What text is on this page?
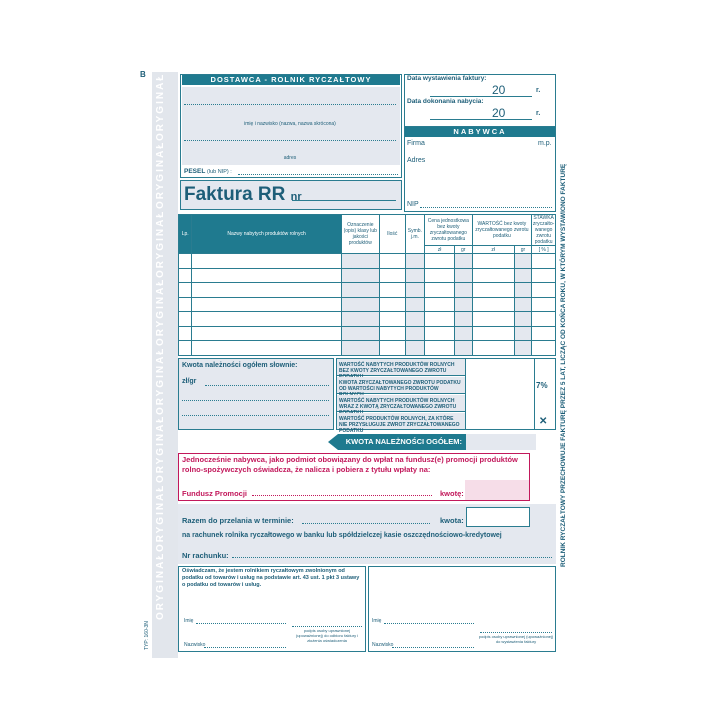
ORYGINAŁ
ORYGINAŁ
ORYGINAŁ
ORYGINAŁ
ORYGINAŁ
ORYGINAŁ
ORYGINAŁ
ORYGINAŁ
B
TYP: 160-3N
ROLNIK RYCZAŁTOWY PRZECHOWUJE FAKTURĘ PRZEZ 5 LAT, LICZĄC OD KOŃCA ROKU, W KTÓRYM WYSTAWIONO FAKTURĘ
DOSTAWCA - ROLNIK RYCZAŁTOWY
imię i nazwisko (nazwa, nazwa skrócona)
adres
PESEL (lub NIP) :
Data wystawienia faktury:
20	r.
Data dokonania nabycia:
20	r.
NABYWCA
Firma	m.p.
Adres
NIP
Faktura RR nr
Lp.	Nazwy nabytych produktów rolnych	Oznaczenie (opis) klasy lub jakości produktów	Ilość	Symb. j.m.	Cena jednostkowa bez kwoty zryczałtowanego zwrotu podatku		WARTOŚĆ bez kwoty zryczałtowanego zwrotu podatku		STAWKA zryczałto- wanego zwrotu podatku
					zł	gr	zł	gr	[ % ]

Kwota należności ogółem słownie:
zł/gr
WARTOŚĆ NABYTYCH PRODUKTÓW ROLNYCH BEZ KWOTY ZRYCZAŁTOWANEGO ZWROTU
KWOTA ZRYCZAŁTOWANEGO ZWROTU PODATKU OD WARTOŚCI NABYTYCH PRODUKTÓW
WARTOŚĆ NABYTYCH PRODUKTÓW ROLNYCH WRAZ Z KWOTĄ ZRYCZAŁTOWANEGO ZWROTU
WARTOŚĆ PRODUKTÓW ROLNYCH, ZA KTÓRE NIE PRZYSŁUGUJE ZWROT ZRYCZAŁTOWANEGO PODATKU
7%
✕
KWOTA NALEŻNOŚCI OGÓŁEM:
Jednocześnie nabywca, jako podmiot obowiązany do wpłat na fundusz(e) promocji produktów rolno-spożywczych oświadcza, że nalicza i pobiera z tytułu wpłaty na:
Fundusz Promocji	kwotę:
Razem do przelania w terminie:	kwota:
na rachunek rolnika ryczałtowego w banku lub spółdzielczej kasie oszczędnościowo-kredytowej
Nr rachunku:
Oświadczam, że jestem rolnikiem ryczałtowym zwolnionym od podatku od towarów i usług na podstawie art. 43 ust. 1 pkt 3 ustawy o podatku od towarów i usług.
Imię
Nazwisko
podpis osoby uprawnionej (upoważnionej) do odbioru faktury i złożenia oświadczenia
Imię
Nazwisko
podpis osoby uprawnionej (upoważnionej) do wystawienia faktury
